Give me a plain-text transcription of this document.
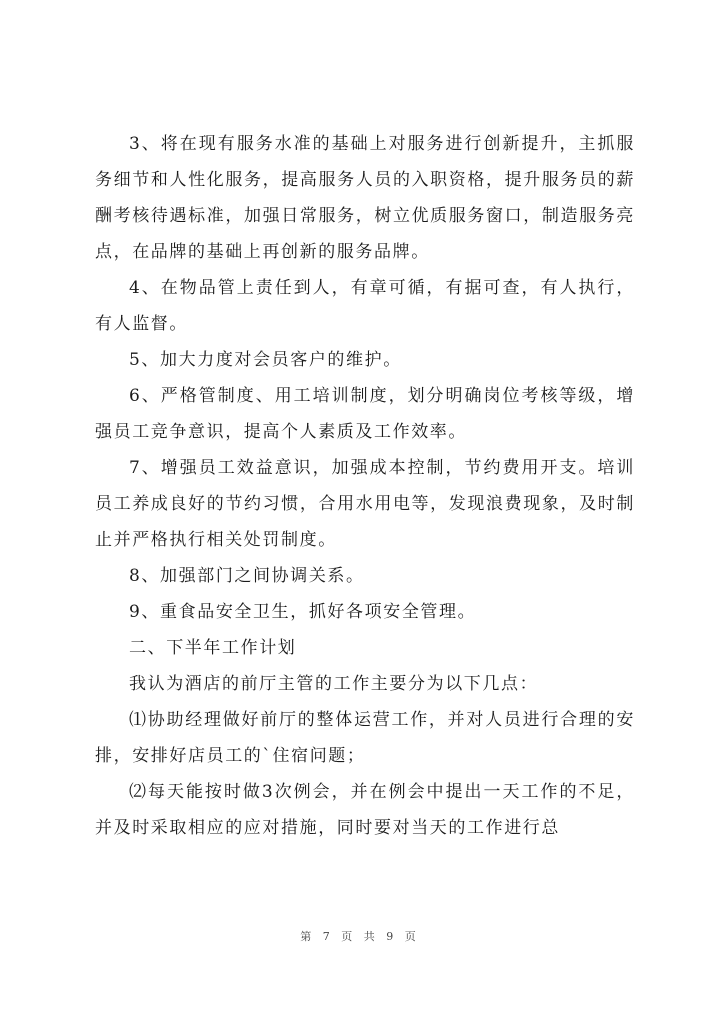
3、将在现有服务水准的基础上对服务进行创新提升，主抓服务细节和人性化服务，提高服务人员的入职资格，提升服务员的薪酬考核待遇标准，加强日常服务，树立优质服务窗口，制造服务亮点，在品牌的基础上再创新的服务品牌。

4、在物品管上责任到人，有章可循，有据可查，有人执行，有人监督。

5、加大力度对会员客户的维护。

6、严格管制度、用工培训制度，划分明确岗位考核等级，增强员工竞争意识，提高个人素质及工作效率。

7、增强员工效益意识，加强成本控制，节约费用开支。培训员工养成良好的节约习惯，合用水用电等，发现浪费现象，及时制止并严格执行相关处罚制度。

8、加强部门之间协调关系。

9、重食品安全卫生，抓好各项安全管理。

二、下半年工作计划

我认为酒店的前厅主管的工作主要分为以下几点：

⑴协助经理做好前厅的整体运营工作，并对人员进行合理的安排，安排好店员工的`住宿问题；

⑵每天能按时做3次例会，并在例会中提出一天工作的不足，并及时采取相应的应对措施，同时要对当天的工作进行总

第 7 页 共 9 页
